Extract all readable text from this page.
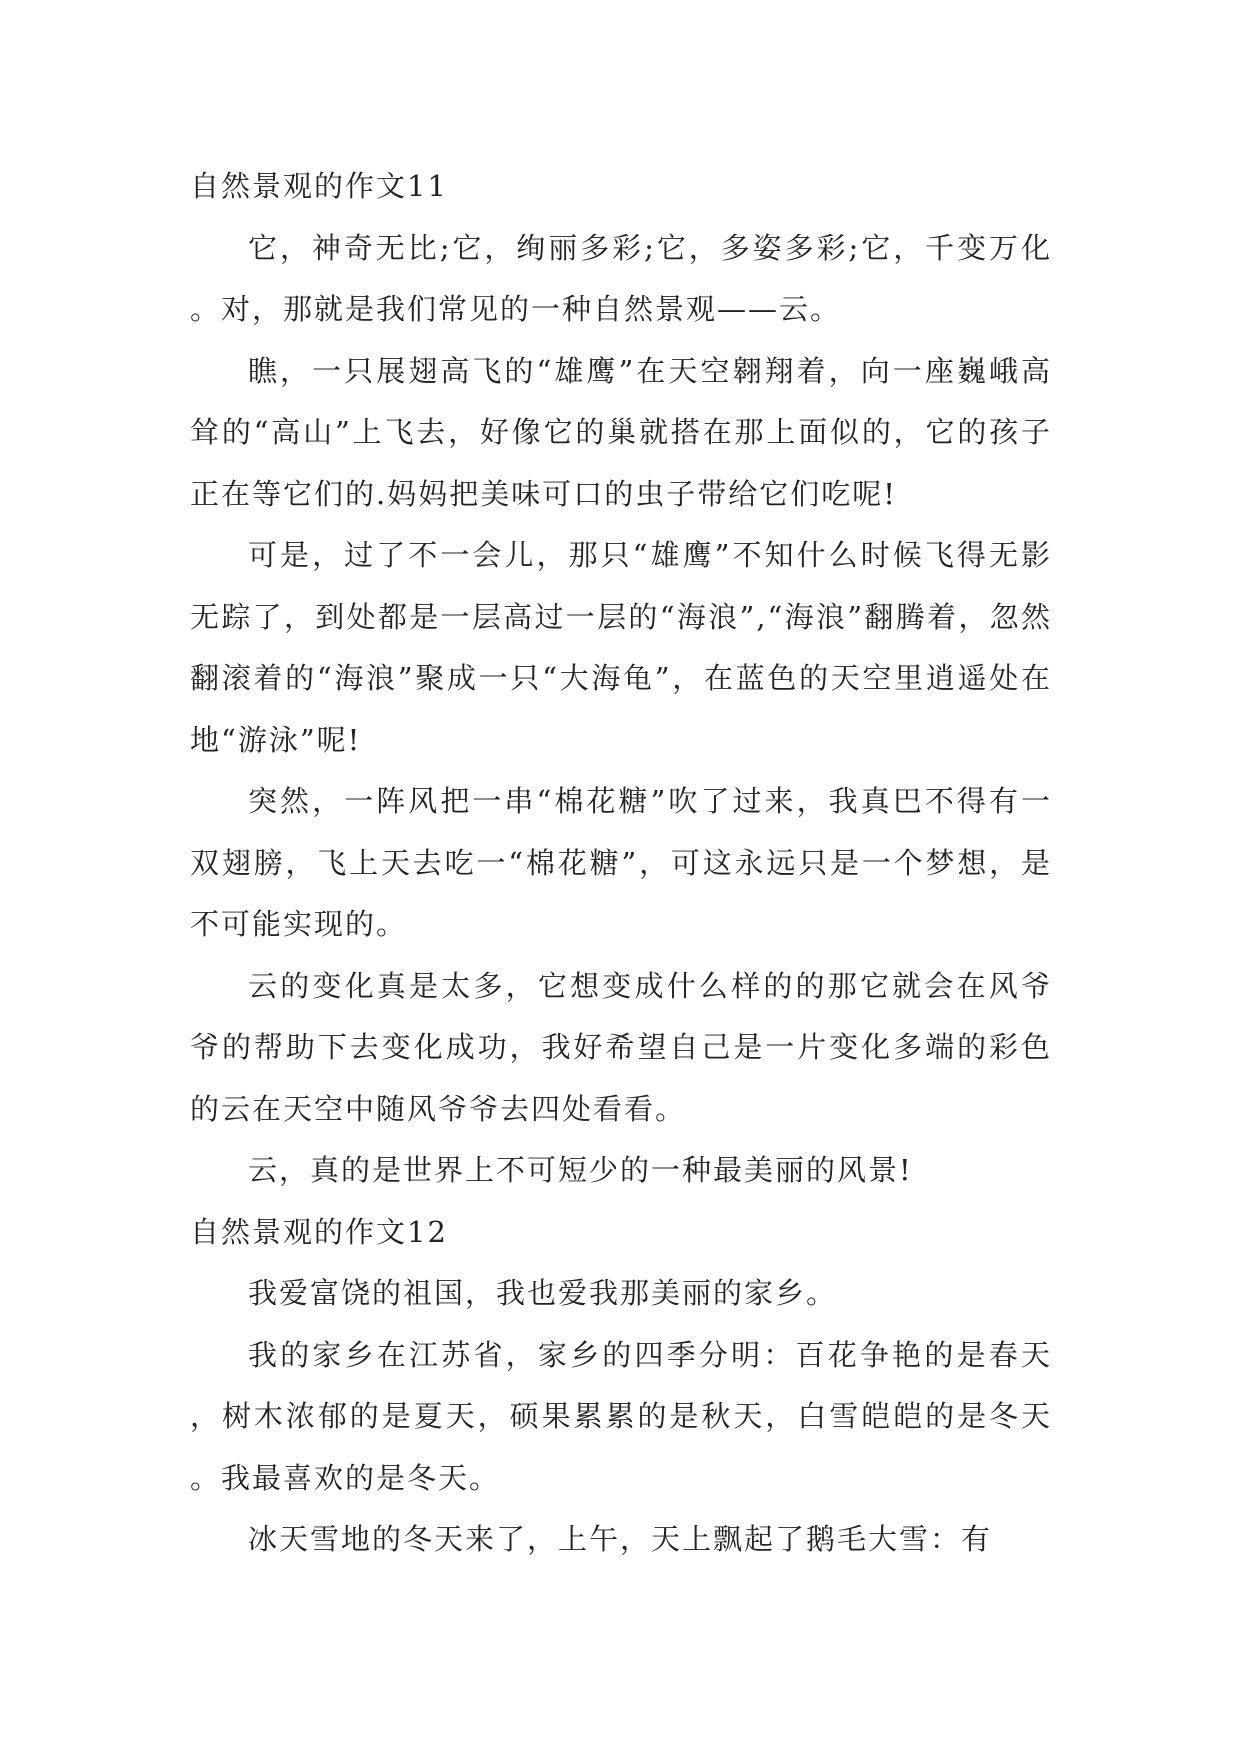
自然景观的作文11

它，神奇无比;它，绚丽多彩;它，多姿多彩;它，千变万化。对，那就是我们常见的一种自然景观——云。

瞧，一只展翅高飞的“雄鹰”在天空翱翔着，向一座巍峨高耸的“高山”上飞去，好像它的巢就搭在那上面似的，它的孩子正在等它们的.妈妈把美味可口的虫子带给它们吃呢!

可是，过了不一会儿，那只“雄鹰”不知什么时候飞得无影无踪了，到处都是一层高过一层的“海浪”,“海浪”翻腾着，忽然翻滚着的“海浪”聚成一只“大海龟”，在蓝色的天空里逍遥处在地“游泳”呢!

突然，一阵风把一串“棉花糖”吹了过来，我真巴不得有一双翅膀，飞上天去吃一“棉花糖”，可这永远只是一个梦想，是不可能实现的。

云的变化真是太多，它想变成什么样的的那它就会在风爷爷的帮助下去变化成功，我好希望自己是一片变化多端的彩色的云在天空中随风爷爷去四处看看。

云，真的是世界上不可短少的一种最美丽的风景!

自然景观的作文12

我爱富饶的祖国，我也爱我那美丽的家乡。

我的家乡在江苏省，家乡的四季分明：百花争艳的是春天，树木浓郁的是夏天，硕果累累的是秋天，白雪皑皑的是冬天。我最喜欢的是冬天。

冰天雪地的冬天来了，上午，天上飘起了鹅毛大雪：有
